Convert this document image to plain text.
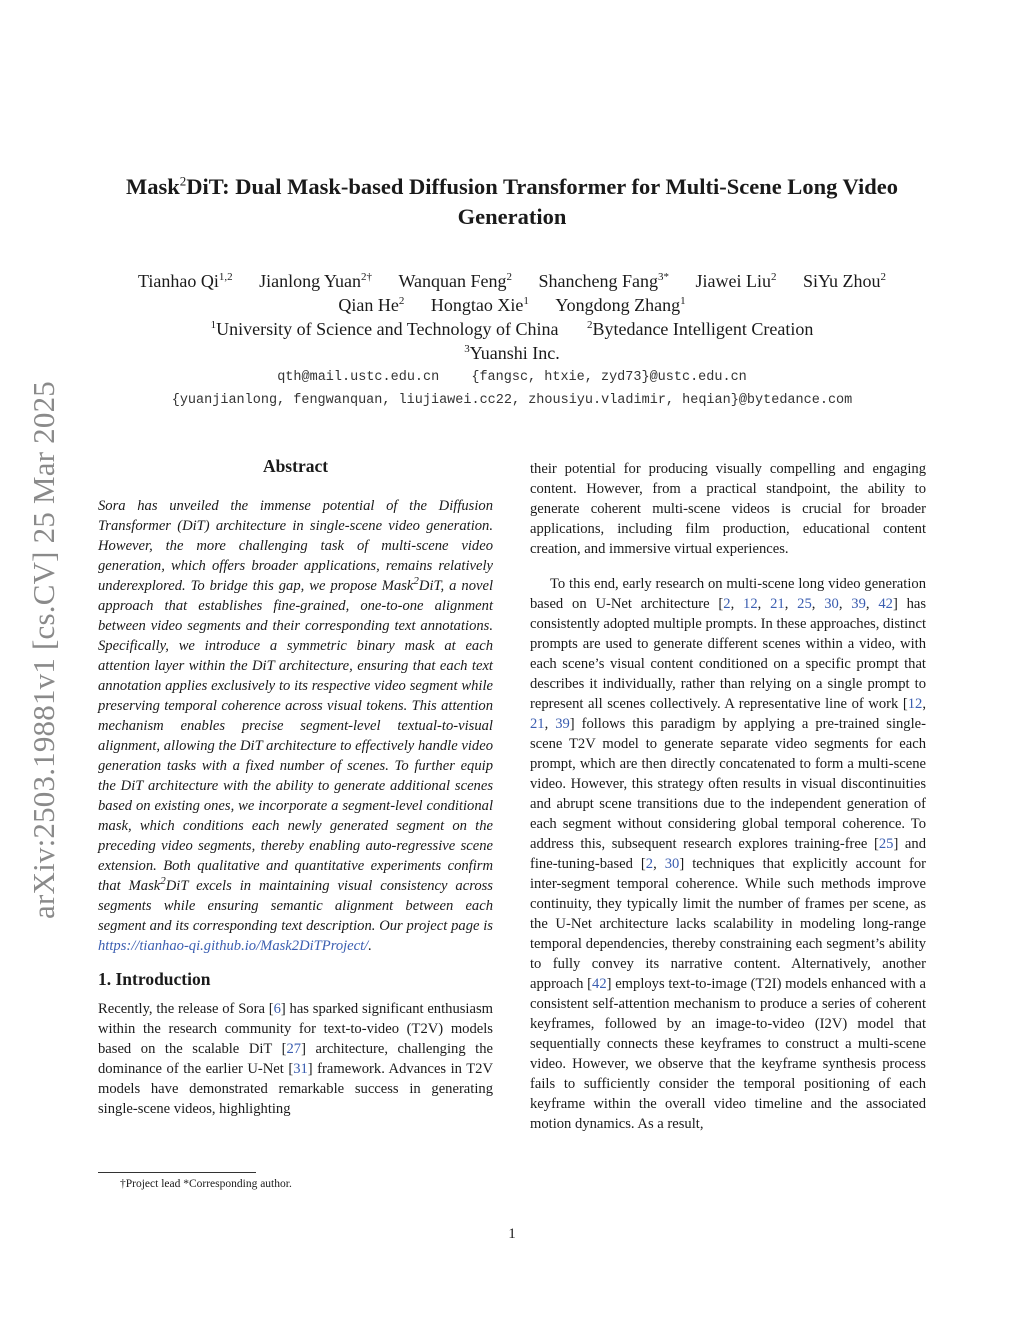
arXiv:2503.19881v1 [cs.CV] 25 Mar 2025
Mask$^2$DiT: Dual Mask-based Diffusion Transformer for Multi-Scene Long Video
Generation
Tianhao Qi$^{1,2}$ Jianlong Yuan$^{2\dagger}$ Wanquan Feng$^2$ Shancheng Fang$^{3*}$ Jiawei Liu$^2$ SiYu Zhou$^2$
Qian He$^2$ Hongtao Xie$^1$ Yongdong Zhang$^1$
$^1$University of Science and Technology of China	$^2$Bytedance Intelligent Creation
$^3$Yuanshi Inc.
qth@mail.ustc.edu.cn {fangsc, htxie, zyd73}@ustc.edu.cn
{yuanjianlong, fengwanquan, liujiawei.cc22, zhousiyu.vladimir, heqian}@bytedance.com
Abstract

Sora has unveiled the immense potential of the Diffusion Transformer (DiT) architecture in single-scene video generation. However, the more challenging task of multi-scene video generation, which offers broader applications, remains relatively underexplored. To bridge this gap, we propose Mask$^2$DiT, a novel approach that establishes fine-grained, one-to-one alignment between video segments and their corresponding text annotations. Specifically, we introduce a symmetric binary mask at each attention layer within the DiT architecture, ensuring that each text annotation applies exclusively to its respective video segment while preserving temporal coherence across visual tokens. This attention mechanism enables precise segment-level textual-to-visual alignment, allowing the DiT architecture to effectively handle video generation tasks with a fixed number of scenes. To further equip the DiT architecture with the ability to generate additional scenes based on existing ones, we incorporate a segment-level conditional mask, which conditions each newly generated segment on the preceding video segments, thereby enabling auto-regressive scene extension. Both qualitative and quantitative experiments confirm that Mask$^2$DiT excels in maintaining visual consistency across segments while ensuring semantic alignment between each segment and its corresponding text description. Our project page is https://tianhao-qi.github.io/Mask2DiTProject/.

1. Introduction

Recently, the release of Sora [6] has sparked significant enthusiasm within the research community for text-to-video (T2V) models based on the scalable DiT [27] architecture, challenging the dominance of the earlier U-Net [31] framework. Advances in T2V models have demonstrated remarkable success in generating single-scene videos, highlighting

their potential for producing visually compelling and engaging content. However, from a practical standpoint, the ability to generate coherent multi-scene videos is crucial for broader applications, including film production, educational content creation, and immersive virtual experiences.

To this end, early research on multi-scene long video generation based on U-Net architecture [2, 12, 21, 25, 30, 39, 42] has consistently adopted multiple prompts. In these approaches, distinct prompts are used to generate different scenes within a video, with each scene’s visual content conditioned on a specific prompt that describes it individually, rather than relying on a single prompt to represent all scenes collectively. A representative line of work [12, 21, 39] follows this paradigm by applying a pre-trained single-scene T2V model to generate separate video segments for each prompt, which are then directly concatenated to form a multi-scene video. However, this strategy often results in visual discontinuities and abrupt scene transitions due to the independent generation of each segment without considering global temporal coherence. To address this, subsequent research explores training-free [25] and fine-tuning-based [2, 30] techniques that explicitly account for inter-segment temporal coherence. While such methods improve continuity, they typically limit the number of frames per scene, as the U-Net architecture lacks scalability in modeling long-range temporal dependencies, thereby constraining each segment’s ability to fully convey its narrative content. Alternatively, another approach [42] employs text-to-image (T2I) models enhanced with a consistent self-attention mechanism to produce a series of coherent keyframes, followed by an image-to-video (I2V) model that sequentially connects these keyframes to construct a multi-scene video. However, we observe that the keyframe synthesis process fails to sufficiently consider the temporal positioning of each keyframe within the overall video timeline and the associated motion dynamics. As a result,

†Project lead *Corresponding author.
1
